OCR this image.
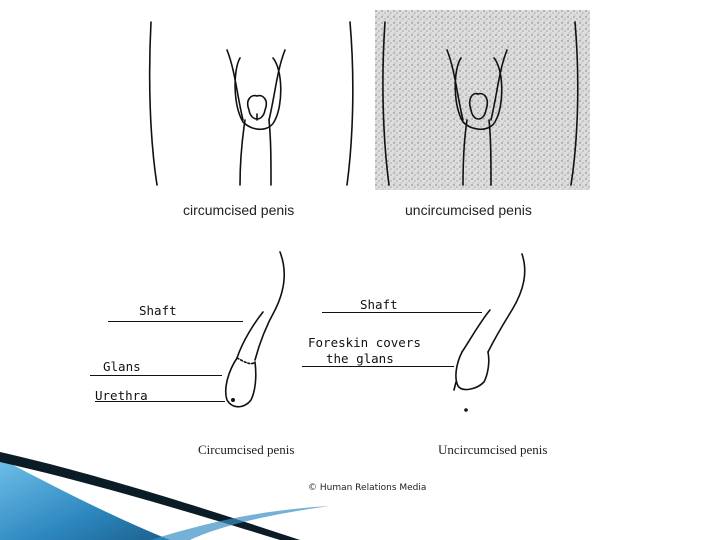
circumcised penis	uncircumcised penis
Shaft
Glans
Urethra
Shaft
Foreskin covers
the glans
Circumcised penis	Uncircumcised penis
© Human Relations Media
